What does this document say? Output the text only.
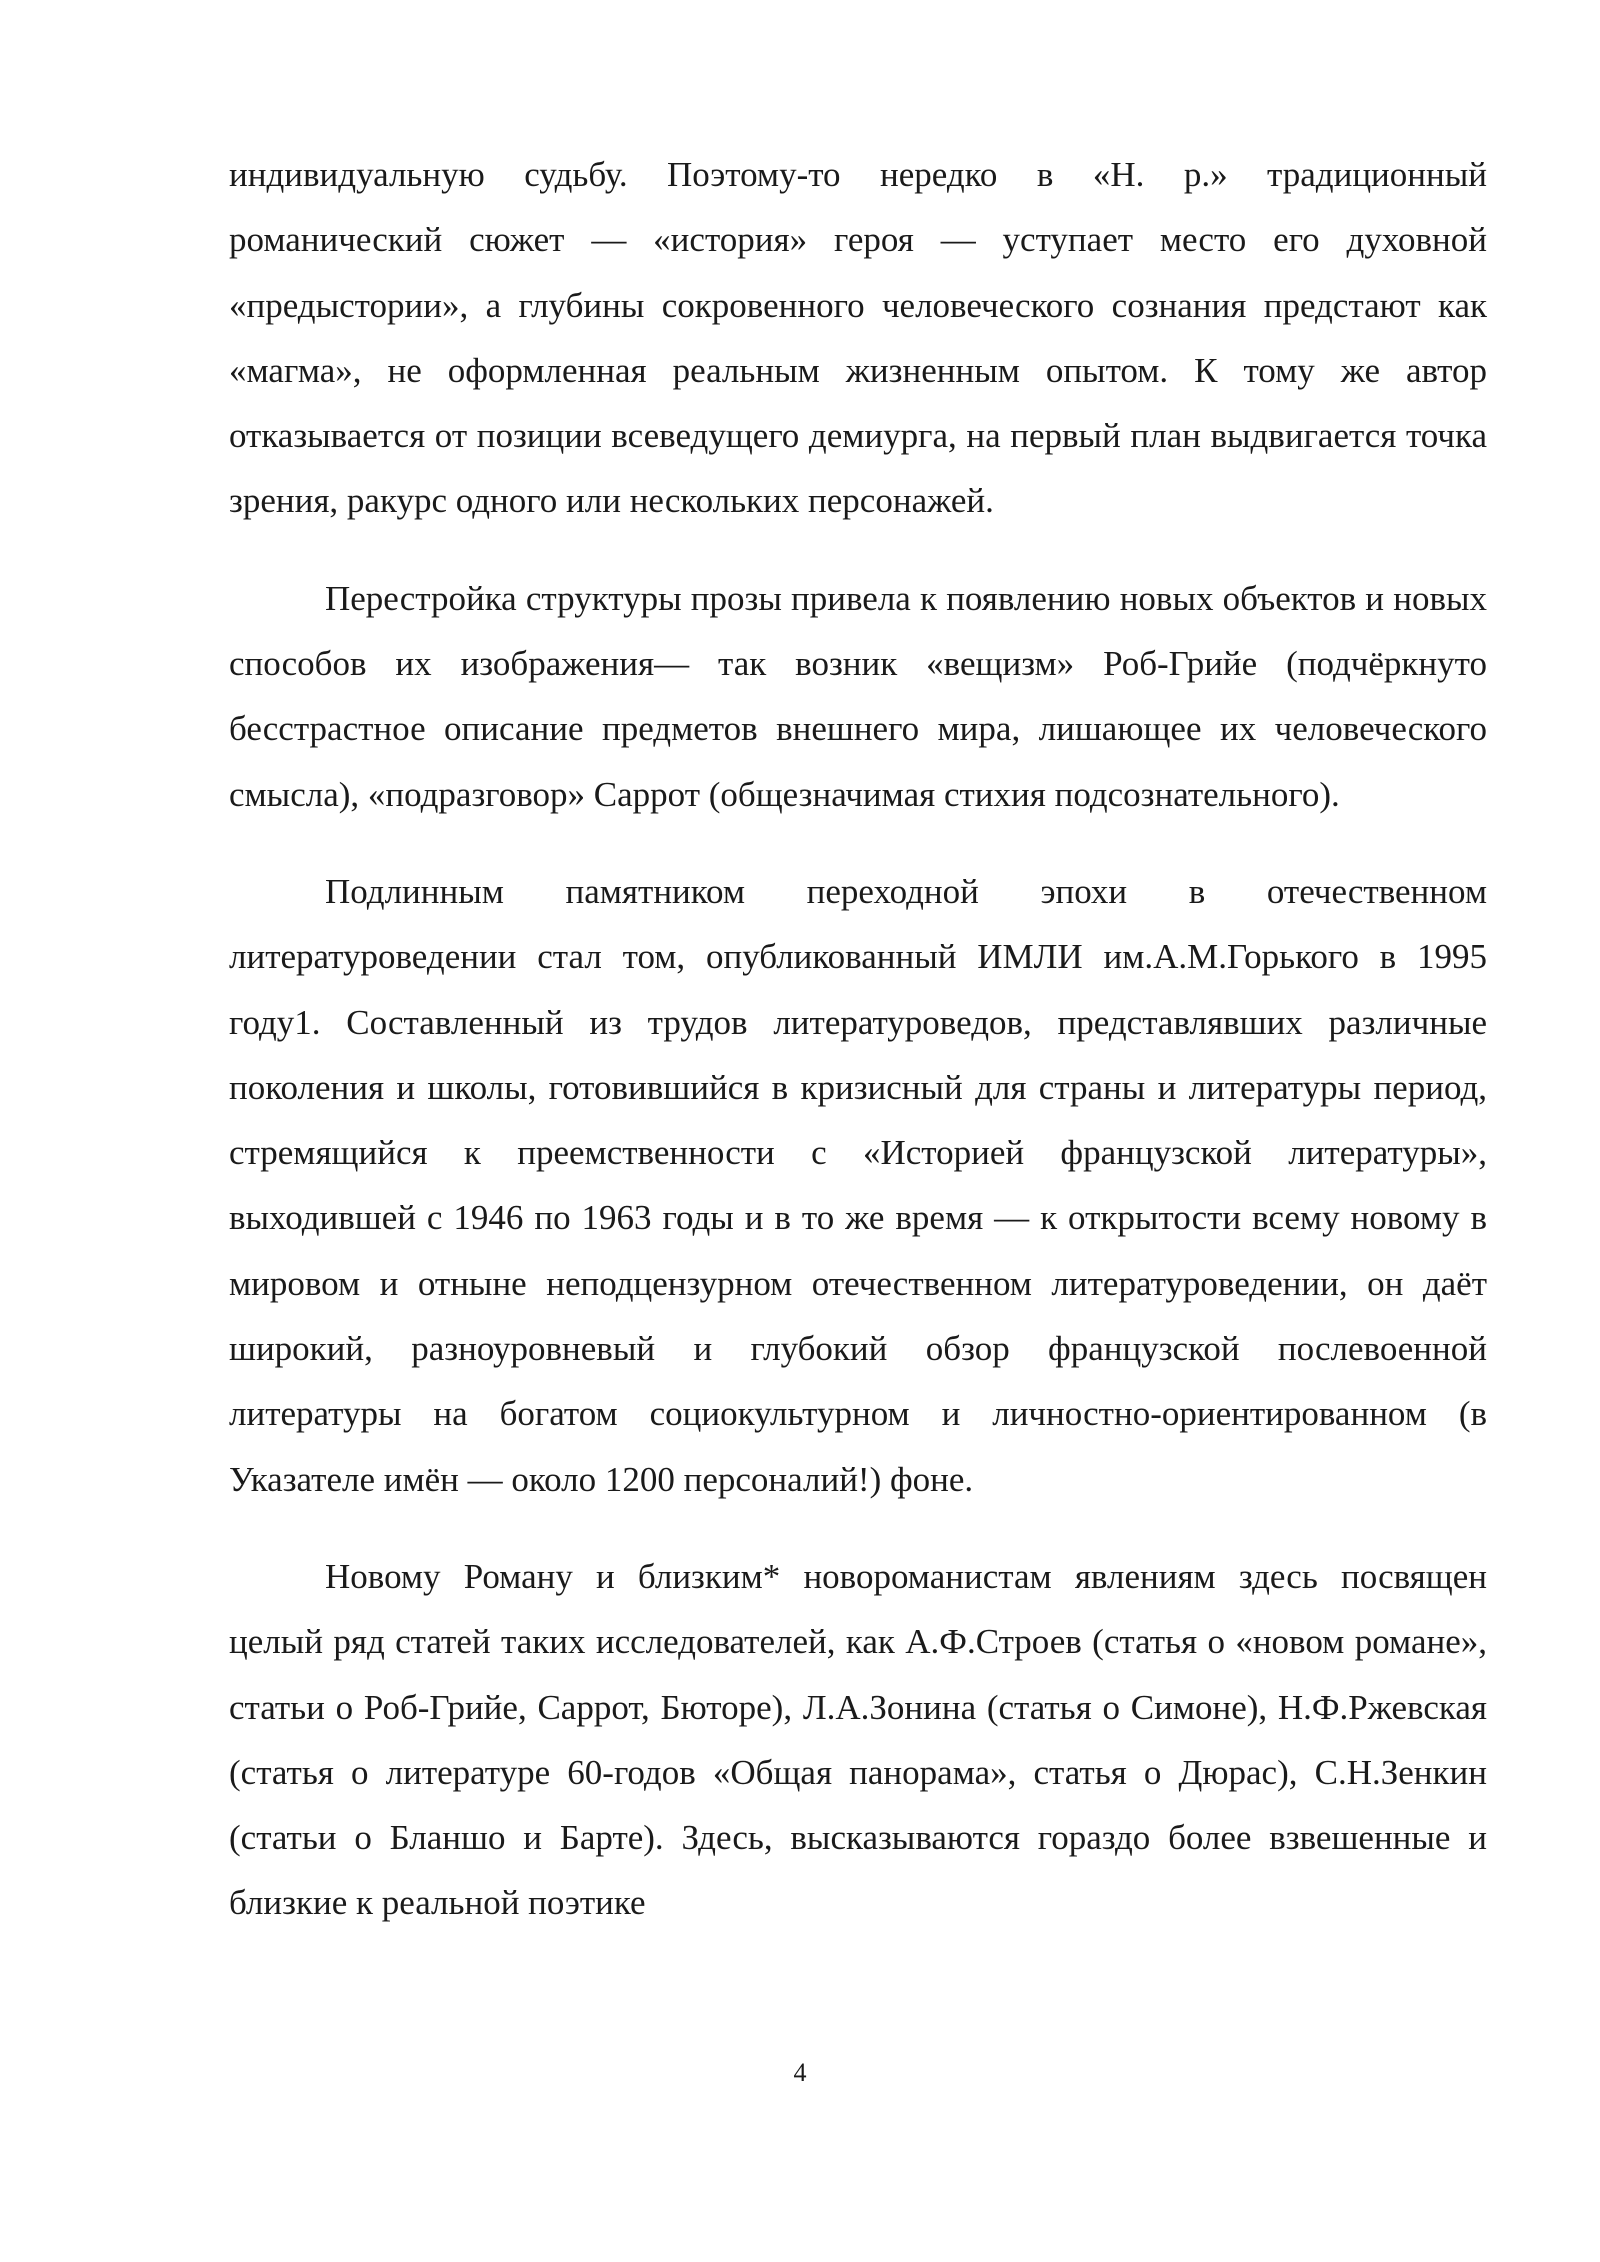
индивидуальную судьбу. Поэтому-то нередко в «Н. р.» традиционный романический сюжет — «история» героя — уступает место его духовной «предыстории», а глубины сокровенного человеческого сознания предстают как «магма», не оформленная реальным жизненным опытом. К тому же автор отказывается от позиции всеведущего демиурга, на первый план выдвигается точка зрения, ракурс одного или нескольких персонажей.

Перестройка структуры прозы привела к появлению новых объектов и новых способов их изображения— так возник «вещизм» Роб-Грийе (подчёркнуто бесстрастное описание предметов внешнего мира, лишающее их человеческого смысла), «подразговор» Саррот (общезначимая стихия подсознательного).

Подлинным памятником переходной эпохи в отечественном литературоведении стал том, опубликованный ИМЛИ им.А.М.Горького в 1995 году1. Составленный из трудов литературоведов, представлявших различные поколения и школы, готовившийся в кризисный для страны и литературы период, стремящийся к преемственности с «Историей французской литературы», выходившей с 1946 по 1963 годы и в то же время — к открытости всему новому в мировом и отныне неподцензурном отечественном литературоведении, он даёт широкий, разноуровневый и глубокий обзор французской послевоенной литературы на богатом социокультурном и личностно-ориентированном (в Указателе имён — около 1200 персоналий!) фоне.

Новому Роману и близким* новороманистам явлениям здесь посвящен целый ряд статей таких исследователей, как А.Ф.Строев (статья о «новом романе», статьи о Роб-Грийе, Саррот, Бюторе), Л.А.Зонина (статья о Симоне), Н.Ф.Ржевская (статья о литературе 60-годов «Общая панорама», статья о Дюрас), С.Н.Зенкин (статьи о Бланшо и Барте). Здесь, высказываются гораздо более взвешенные и близкие к реальной поэтике

4
